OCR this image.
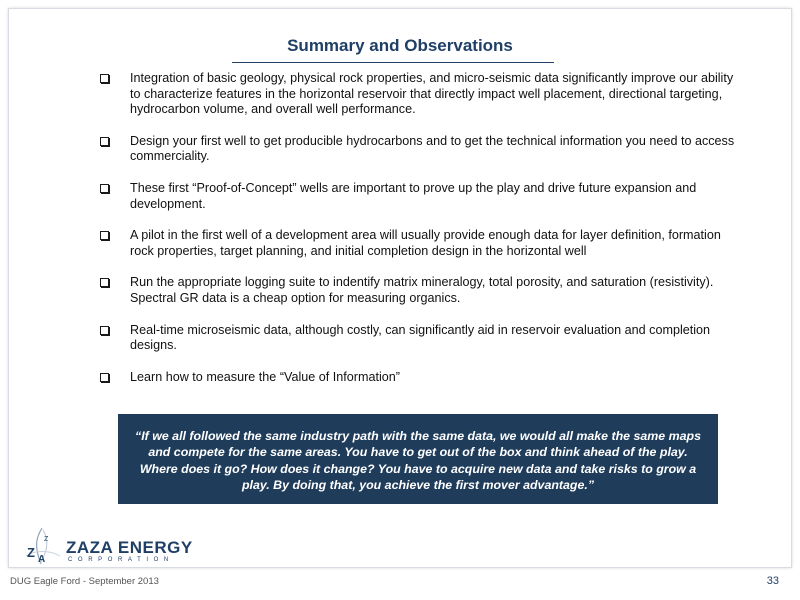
Summary and Observations
Integration of basic geology, physical rock properties, and micro-seismic data significantly improve our ability to characterize features in the horizontal reservoir that directly impact well placement, directional targeting, hydrocarbon volume, and overall well performance.
Design your first well to get producible hydrocarbons and to get the technical information you need to access commerciality.
These first “Proof-of-Concept” wells are important to prove up the play and drive future expansion and development.
A pilot in the first well of a development area will usually provide enough data for layer definition, formation rock properties, target planning, and initial completion design in the horizontal well
Run the appropriate logging suite to indentify matrix mineralogy, total porosity, and saturation (resistivity). Spectral GR data is a cheap option for measuring organics.
Real-time microseismic data, although costly, can significantly aid in reservoir evaluation and completion designs.
Learn how to measure the “Value of Information”
“If we all followed the same industry path with the same data, we would all make the same maps and compete for the same areas. You have to get out of the box and think ahead of the play. Where does it go? How does it change? You have to acquire new data and take risks to grow a play. By doing that, you achieve the first mover advantage.”
Z A
Z ZAZA ENERGY
CORPORATION
DUG Eagle Ford - September 2013	33
